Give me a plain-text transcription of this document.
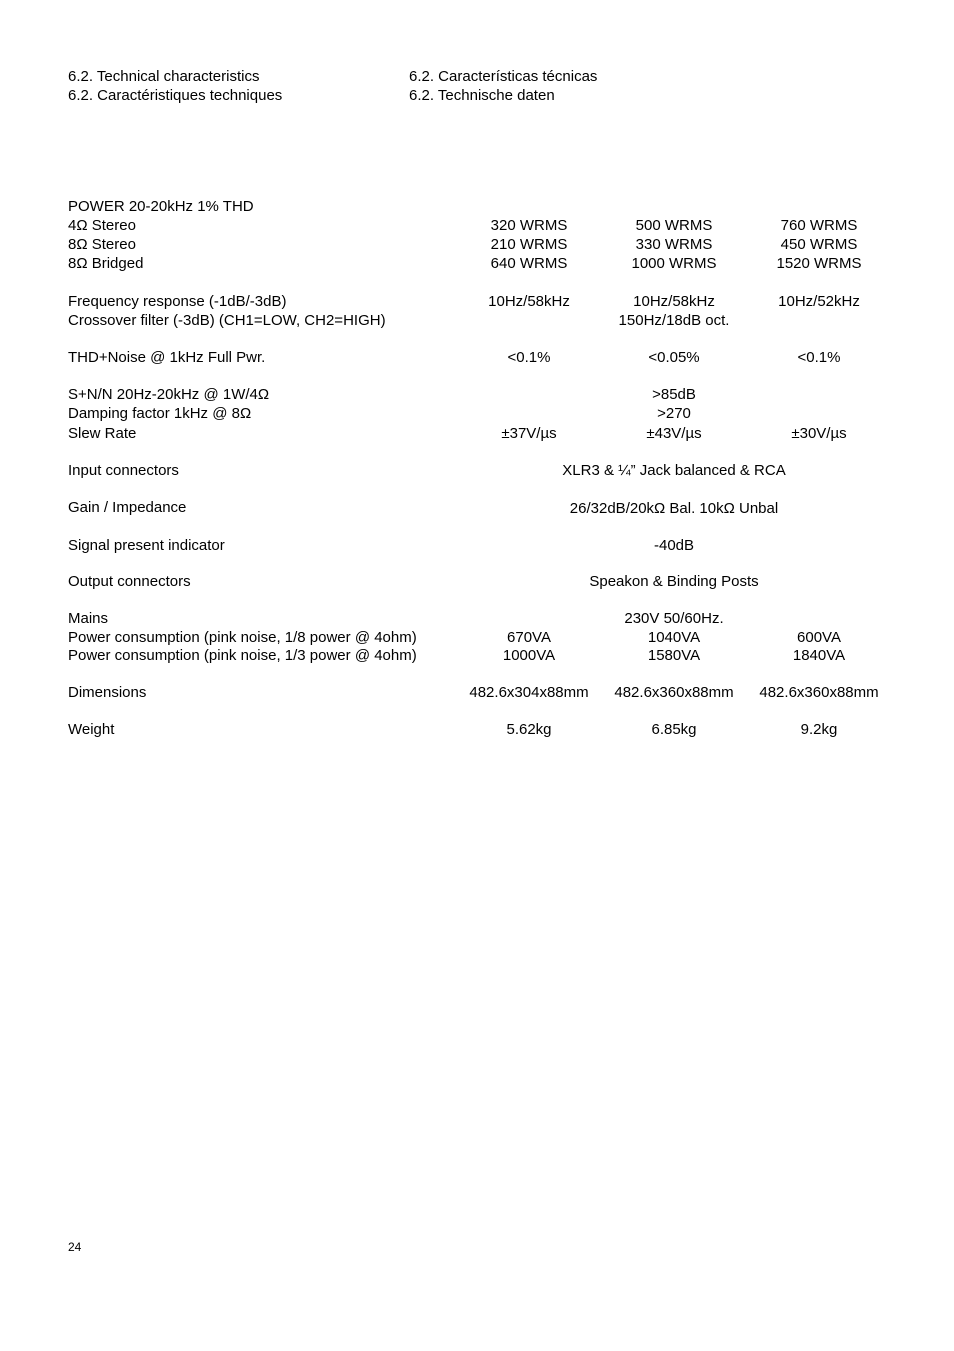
6.2. Technical characteristics
6.2. Caractéristiques techniques
6.2. Características técnicas
6.2. Technische daten
POWER 20-20kHz 1% THD
4Ω Stereo	320 WRMS	500 WRMS	760 WRMS
8Ω Stereo	210 WRMS	330 WRMS	450 WRMS
8Ω Bridged	640 WRMS	1000 WRMS	1520 WRMS
Frequency response (-1dB/-3dB)	10Hz/58kHz	10Hz/58kHz	10Hz/52kHz
Crossover filter (-3dB) (CH1=LOW, CH2=HIGH)	150Hz/18dB oct.
THD+Noise @ 1kHz Full Pwr.	<0.1%	<0.05%	<0.1%
S+N/N 20Hz-20kHz @ 1W/4Ω	>85dB
Damping factor 1kHz @ 8Ω	>270
Slew Rate	±37V/µs	±43V/µs	±30V/µs
Input connectors	XLR3 & ¼” Jack balanced & RCA
Gain / Impedance	26/32dB/20kΩ Bal. 10kΩ Unbal
Signal present indicator	-40dB
Output connectors	Speakon & Binding Posts
Mains	230V 50/60Hz.
Power consumption (pink noise, 1/8 power @ 4ohm)	670VA	1040VA	600VA
Power consumption (pink noise, 1/3 power @ 4ohm)	1000VA	1580VA	1840VA
Dimensions	482.6x304x88mm 482.6x360x88mm 482.6x360x88mm
Weight	5.62kg	6.85kg	9.2kg
24
